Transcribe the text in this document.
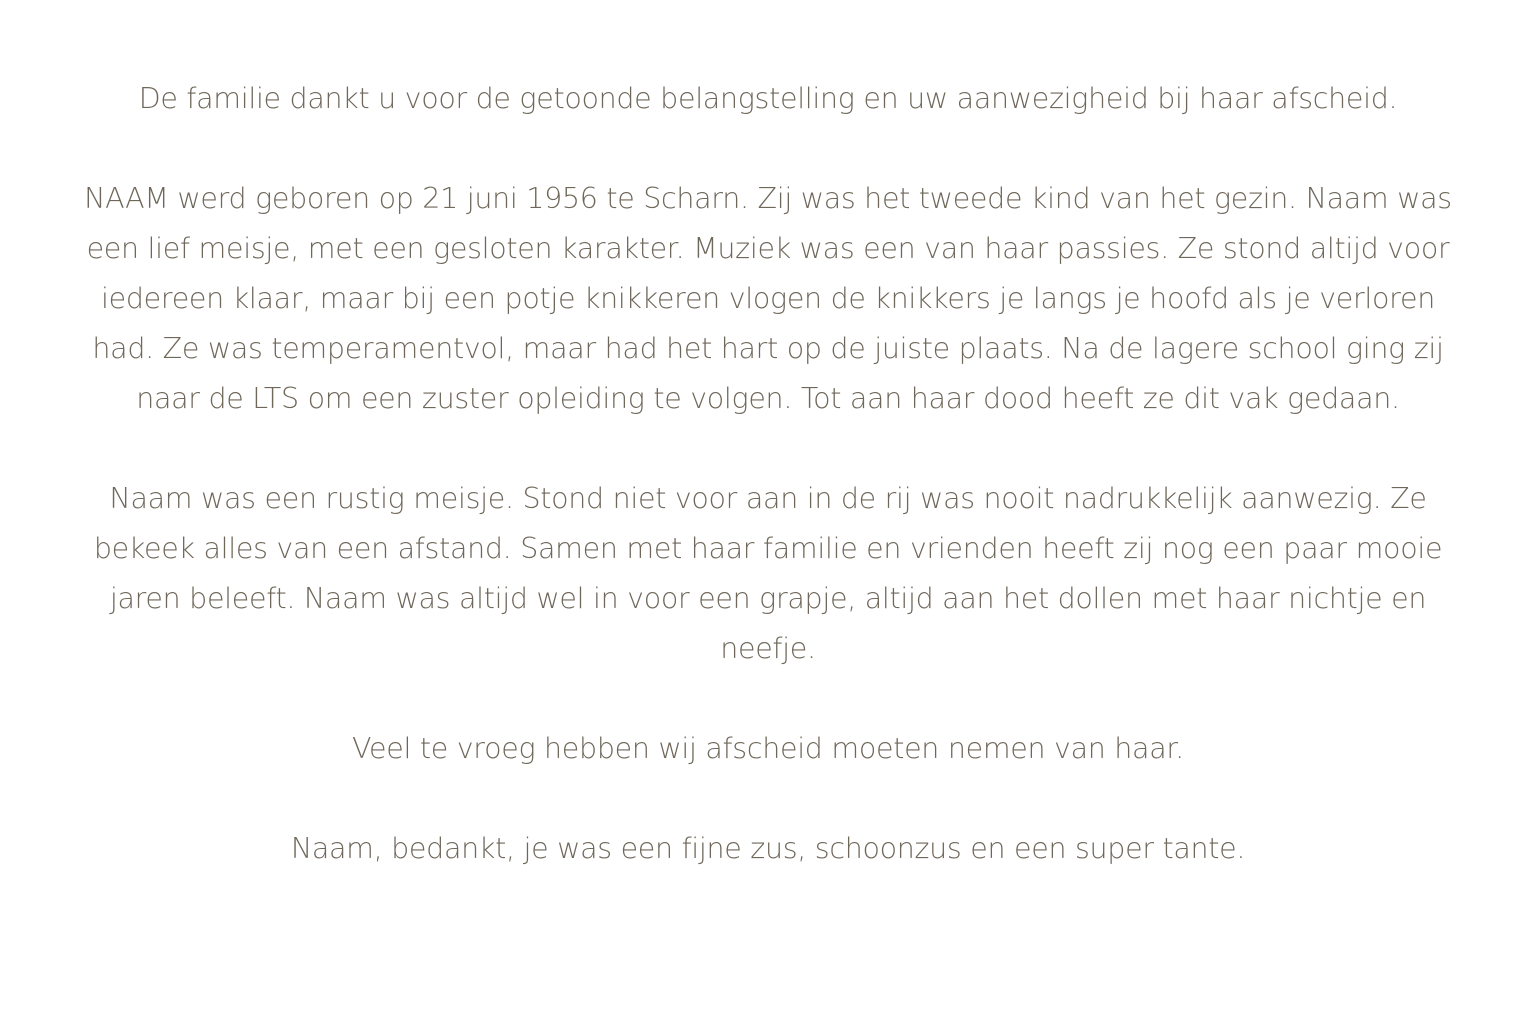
De familie dankt u voor de getoonde belangstelling en uw aanwezigheid bij haar afscheid.

NAAM werd geboren op 21 juni 1956 te Scharn. Zij was het tweede kind van het gezin. Naam was een lief meisje, met een gesloten karakter. Muziek was een van haar passies. Ze stond altijd voor iedereen klaar, maar bij een potje knikkeren vlogen de knikkers je langs je hoofd als je verloren had. Ze was temperamentvol, maar had het hart op de juiste plaats. Na de lagere school ging zij naar de LTS om een zuster opleiding te volgen. Tot aan haar dood heeft ze dit vak gedaan.

Naam was een rustig meisje. Stond niet voor aan in de rij was nooit nadrukkelijk aanwezig. Ze bekeek alles van een afstand. Samen met haar familie en vrienden heeft zij nog een paar mooie jaren beleeft. Naam was altijd wel in voor een grapje, altijd aan het dollen met haar nichtje en neefje.

Veel te vroeg hebben wij afscheid moeten nemen van haar.

Naam, bedankt, je was een fijne zus, schoonzus en een super tante.
